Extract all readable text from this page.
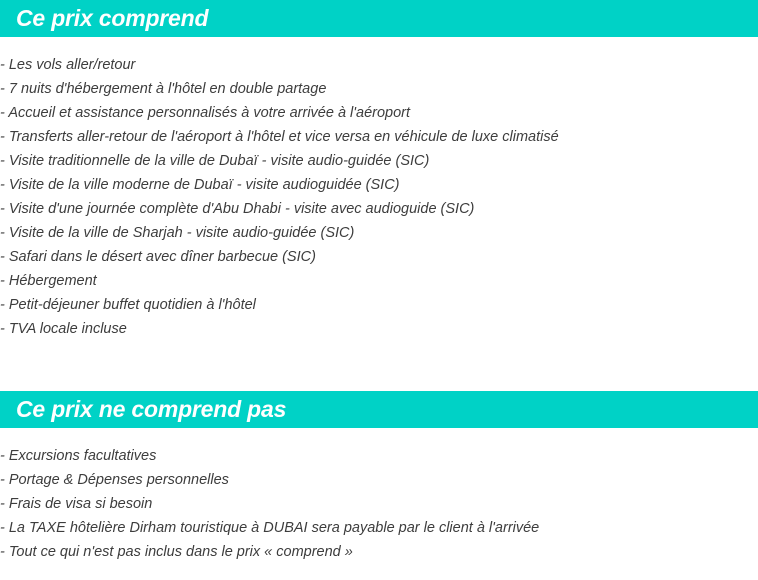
Ce prix comprend
- Les vols aller/retour
- 7 nuits d'hébergement à l'hôtel en double partage
- Accueil et assistance personnalisés à votre arrivée à l'aéroport
- Transferts aller-retour de l'aéroport à l'hôtel et vice versa en véhicule de luxe climatisé
- Visite traditionnelle de la ville de Dubaï - visite audio-guidée (SIC)
- Visite de la ville moderne de Dubaï - visite audioguidée (SIC)
- Visite d'une journée complète d'Abu Dhabi - visite avec audioguide (SIC)
- Visite de la ville de Sharjah - visite audio-guidée (SIC)
- Safari dans le désert avec dîner barbecue (SIC)
- Hébergement
- Petit-déjeuner buffet quotidien à l'hôtel
- TVA locale incluse
Ce prix ne comprend pas
- Excursions facultatives
- Portage & Dépenses personnelles
- Frais de visa si besoin
- La TAXE hôtelière Dirham touristique à DUBAI sera payable par le client à l'arrivée
- Tout ce qui n'est pas inclus dans le prix « comprend »
